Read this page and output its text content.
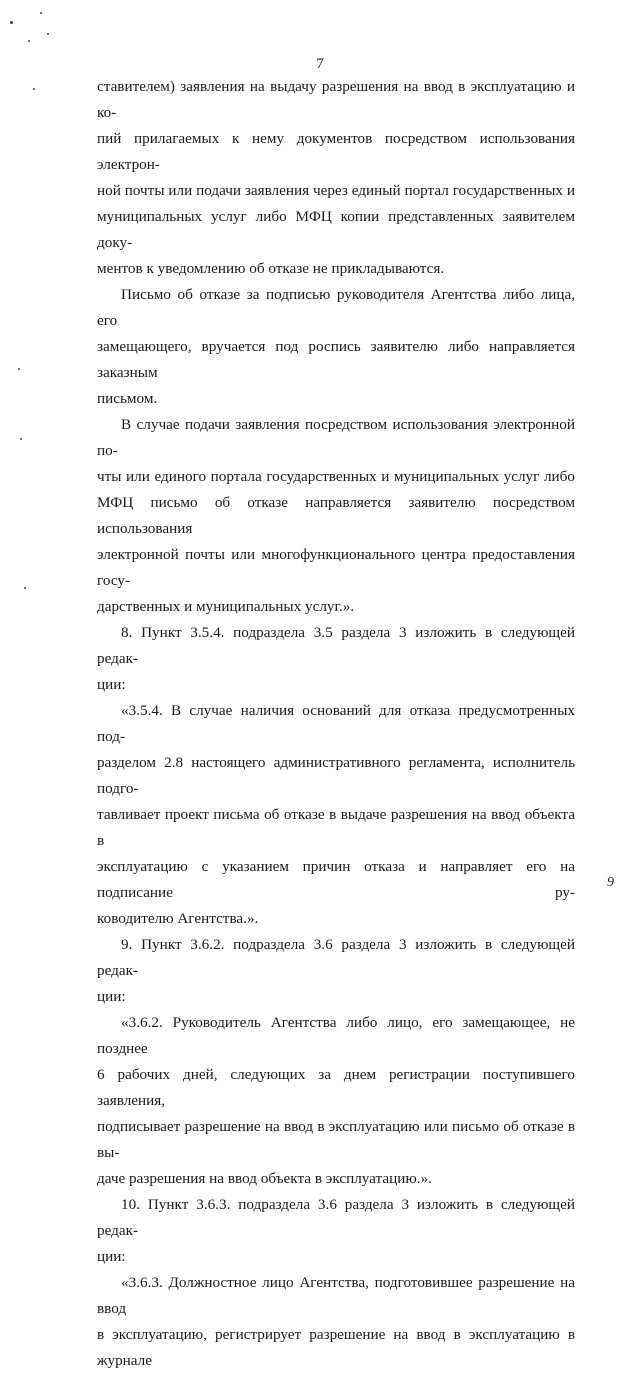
7

ставителем) заявления на выдачу разрешения на ввод в эксплуатацию и ко-

пий прилагаемых к нему документов посредством использования электрон-

ной почты или подачи заявления через единый портал государственных и

муниципальных услуг либо МФЦ копии представленных заявителем доку-

ментов к уведомлению об отказе не прикладываются.

Письмо об отказе за подписью руководителя Агентства либо лица, его

замещающего, вручается под роспись заявителю либо направляется заказным

письмом.

В случае подачи заявления посредством использования электронной по-

чты или единого портала государственных и муниципальных услуг либо

МФЦ письмо об отказе направляется заявителю посредством использования

электронной почты или многофункционального центра предоставления госу-

дарственных и муниципальных услуг.».

8. Пункт 3.5.4. подраздела 3.5 раздела 3 изложить в следующей редак-

ции:

«3.5.4. В случае наличия оснований для отказа предусмотренных под-

разделом 2.8 настоящего административного регламента, исполнитель подго-

тавливает проект письма об отказе в выдаче разрешения на ввод объекта в

эксплуатацию с указанием причин отказа и направляет его на подписание ру-

ководителю Агентства.».

9. Пункт 3.6.2. подраздела 3.6 раздела 3 изложить в следующей редак-

ции:

«3.6.2. Руководитель Агентства либо лицо, его замещающее, не позднее

6 рабочих дней, следующих за днем регистрации поступившего заявления,

подписывает разрешение на ввод в эксплуатацию или письмо об отказе в вы-

даче разрешения на ввод объекта в эксплуатацию.».

10. Пункт 3.6.3. подраздела 3.6 раздела 3 изложить в следующей редак-

ции:

«3.6.3. Должностное лицо Агентства, подготовившее разрешение на ввод

в эксплуатацию, регистрирует разрешение на ввод в эксплуатацию в журнале

9
